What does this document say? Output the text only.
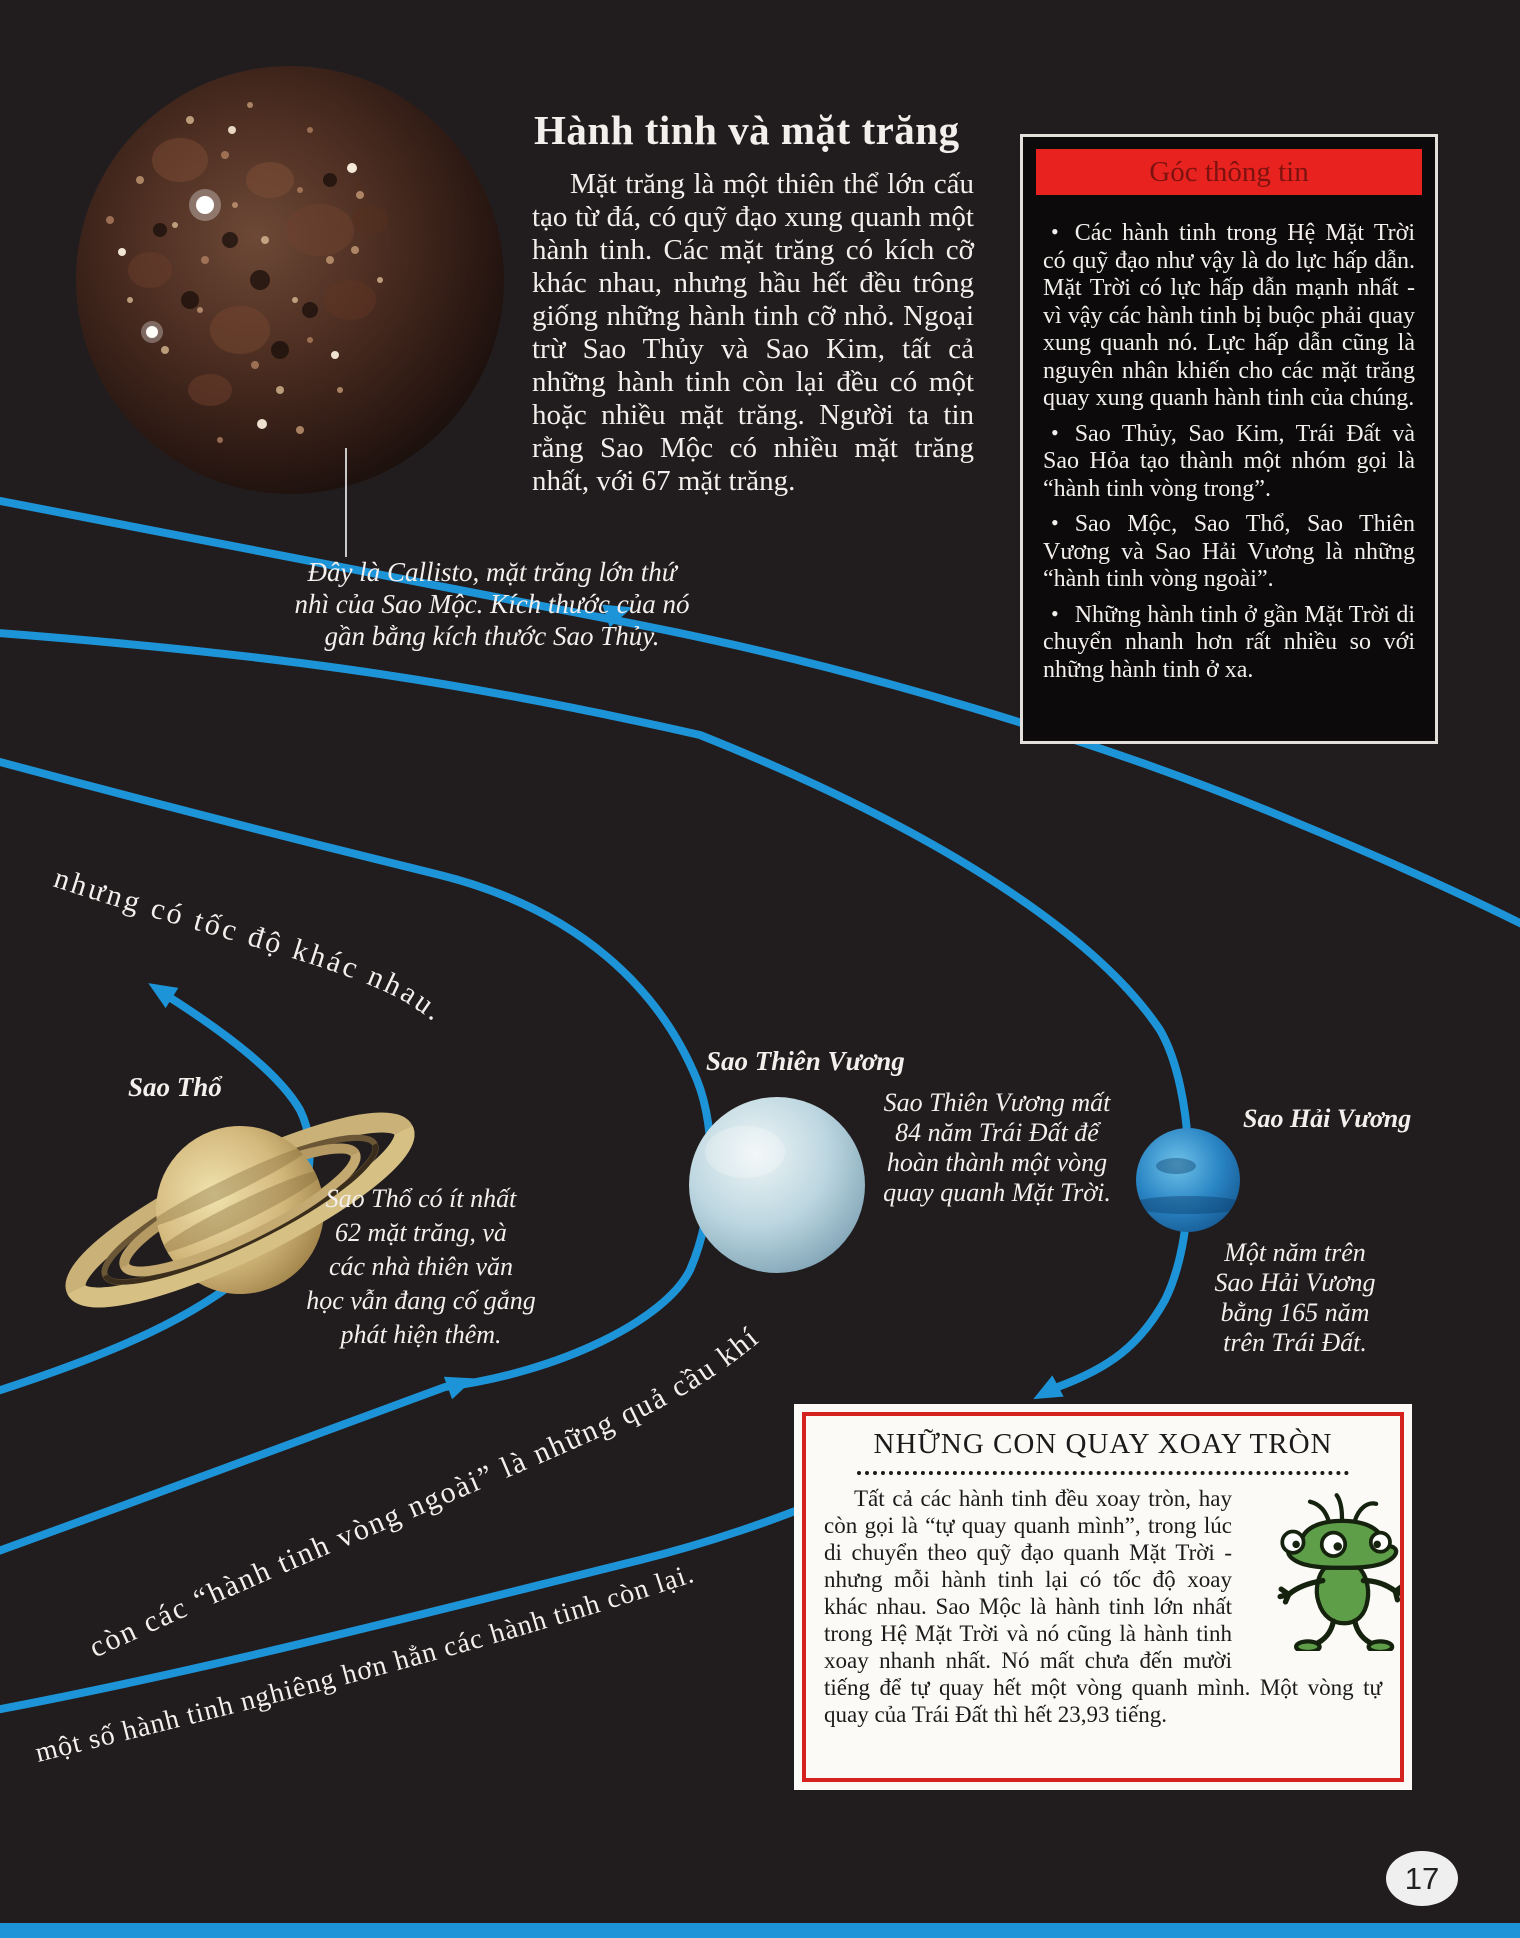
nhưng có tốc độ khác nhau.
còn các “hành tinh vòng ngoài” là những quả cầu khí
một số hành tinh nghiêng hơn hẳn các hành tinh còn lại.
Hành tinh và mặt trăng
Mặt trăng là một thiên thể lớn cấu tạo từ đá, có quỹ đạo xung quanh một hành tinh. Các mặt trăng có kích cỡ khác nhau, nhưng hầu hết đều trông giống những hành tinh cỡ nhỏ. Ngoại trừ Sao Thủy và Sao Kim, tất cả những hành tinh còn lại đều có một hoặc nhiều mặt trăng. Người ta tin rằng Sao Mộc có nhiều mặt trăng nhất, với 67 mặt trăng.
Đây là Callisto, mặt trăng lớn thứ
nhì của Sao Mộc. Kích thước của nó
gần bằng kích thước Sao Thủy.
Góc thông tin

• Các hành tinh trong Hệ Mặt Trời có quỹ đạo như vậy là do lực hấp dẫn. Mặt Trời có lực hấp dẫn mạnh nhất - vì vậy các hành tinh bị buộc phải quay xung quanh nó. Lực hấp dẫn cũng là nguyên nhân khiến cho các mặt trăng quay xung quanh hành tinh của chúng.

• Sao Thủy, Sao Kim, Trái Đất và Sao Hỏa tạo thành một nhóm gọi là “hành tinh vòng trong”.

• Sao Mộc, Sao Thổ, Sao Thiên Vương và Sao Hải Vương là những “hành tinh vòng ngoài”.

• Những hành tinh ở gần Mặt Trời di chuyển nhanh hơn rất nhiều so với những hành tinh ở xa.

Sao Thổ
Sao Thổ có ít nhất
62 mặt trăng, và
các nhà thiên văn
học vẫn đang cố gắng
phát hiện thêm.
Sao Thiên Vương
Sao Thiên Vương mất
84 năm Trái Đất để
hoàn thành một vòng
quay quanh Mặt Trời.
Sao Hải Vương
Một năm trên
Sao Hải Vương
bằng 165 năm
trên Trái Đất.
NHỮNG CON QUAY XOAY TRÒN
Tất cả các hành tinh đều xoay tròn, hay còn gọi là “tự quay quanh mình”, trong lúc di chuyển theo quỹ đạo quanh Mặt Trời - nhưng mỗi hành tinh lại có tốc độ xoay khác nhau. Sao Mộc là hành tinh lớn nhất trong Hệ Mặt Trời và nó cũng là hành tinh xoay nhanh nhất. Nó mất chưa đến mười tiếng để tự quay hết một vòng quanh mình. Một vòng tự quay của Trái Đất thì hết 23,93 tiếng.
17
